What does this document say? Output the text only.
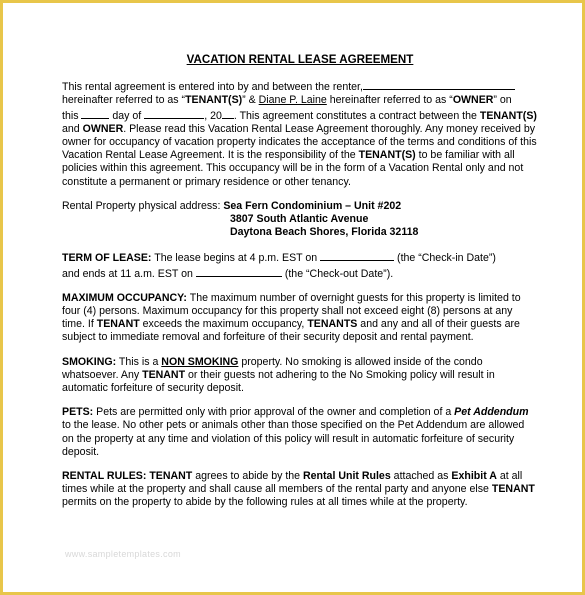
VACATION RENTAL LEASE AGREEMENT

This rental agreement is entered into by and between the renter,
hereinafter referred to as “TENANT(S)” & Diane P. Laine hereinafter referred to as “OWNER” on
this	day of	, 20 . This agreement constitutes a contract between the TENANT(S) and OWNER. Please read this Vacation Rental Lease Agreement thoroughly. Any money received by owner for occupancy of vacation property indicates the acceptance of the terms and conditions of this Vacation Rental Lease Agreement. It is the responsibility of the TENANT(S) to be familiar with all policies within this agreement. This occupancy will be in the form of a Vacation Rental only and not constitute a permanent or primary residence or other tenancy.

Rental Property physical address: Sea Fern Condominium – Unit #202
3807 South Atlantic Avenue
Daytona Beach Shores, Florida 32118

TERM OF LEASE: The lease begins at 4 p.m. EST on	(the “Check-in Date”)
and ends at 11 a.m. EST on	(the “Check-out Date”).

MAXIMUM OCCUPANCY: The maximum number of overnight guests for this property is limited to four (4) persons. Maximum occupancy for this property shall not exceed eight (8) persons at any time. If TENANT exceeds the maximum occupancy, TENANTS and any and all of their guests are subject to immediate removal and forfeiture of their security deposit and rental payment.

SMOKING: This is a NON SMOKING property. No smoking is allowed inside of the condo whatsoever. Any TENANT or their guests not adhering to the No Smoking policy will result in automatic forfeiture of security deposit.

PETS: Pets are permitted only with prior approval of the owner and completion of a Pet Addendum to the lease. No other pets or animals other than those specified on the Pet Addendum are allowed on the property at any time and violation of this policy will result in automatic forfeiture of security deposit.

RENTAL RULES: TENANT agrees to abide by the Rental Unit Rules attached as Exhibit A at all times while at the property and shall cause all members of the rental party and anyone else TENANT permits on the property to abide by the following rules at all times while at the property.

www.sampletemplates.com
